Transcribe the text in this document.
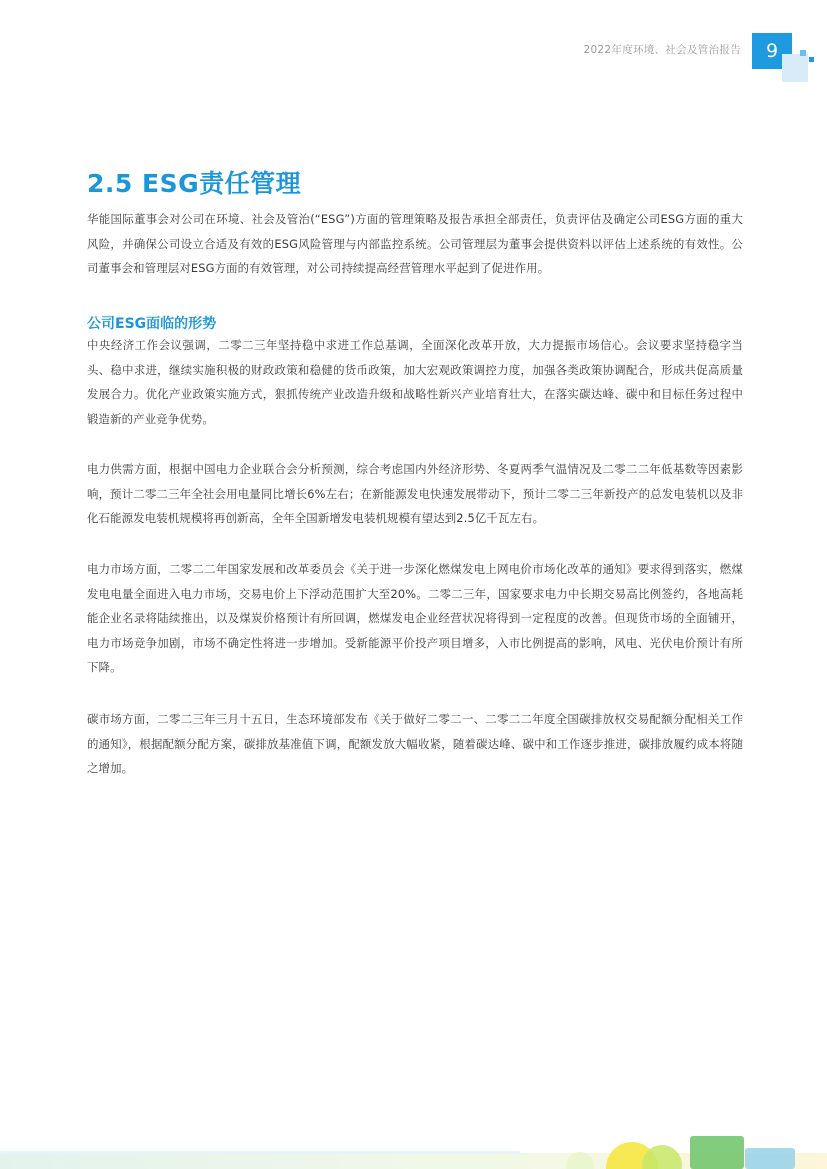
2022年度环境、社会及管治报告 9
2.5 ESG责任管理

华能国际董事会对公司在环境、社会及管治(“ESG”)方面的管理策略及报告承担全部责任，负责评估及确定公司ESG方面的重大风险，并确保公司设立合适及有效的ESG风险管理与内部监控系统。公司管理层为董事会提供资料以评估上述系统的有效性。公司董事会和管理层对ESG方面的有效管理，对公司持续提高经营管理水平起到了促进作用。

公司ESG面临的形势

中央经济工作会议强调，二零二三年坚持稳中求进工作总基调，全面深化改革开放，大力提振市场信心。会议要求坚持稳字当头、稳中求进，继续实施积极的财政政策和稳健的货币政策，加大宏观政策调控力度，加强各类政策协调配合，形成共促高质量发展合力。优化产业政策实施方式，狠抓传统产业改造升级和战略性新兴产业培育壮大，在落实碳达峰、碳中和目标任务过程中锻造新的产业竞争优势。

电力供需方面，根据中国电力企业联合会分析预测，综合考虑国内外经济形势、冬夏两季气温情况及二零二二年低基数等因素影响，预计二零二三年全社会用电量同比增长6%左右；在新能源发电快速发展带动下，预计二零二三年新投产的总发电装机以及非化石能源发电装机规模将再创新高，全年全国新增发电装机规模有望达到2.5亿千瓦左右。

电力市场方面，二零二二年国家发展和改革委员会《关于进一步深化燃煤发电上网电价市场化改革的通知》要求得到落实，燃煤发电电量全面进入电力市场，交易电价上下浮动范围扩大至20%。二零二三年，国家要求电力中长期交易高比例签约，各地高耗能企业名录将陆续推出，以及煤炭价格预计有所回调，燃煤发电企业经营状况将得到一定程度的改善。但现货市场的全面铺开，电力市场竞争加剧，市场不确定性将进一步增加。受新能源平价投产项目增多，入市比例提高的影响，风电、光伏电价预计有所下降。

碳市场方面，二零二三年三月十五日，生态环境部发布《关于做好二零二一、二零二二年度全国碳排放权交易配额分配相关工作的通知》，根据配额分配方案，碳排放基准值下调，配额发放大幅收紧，随着碳达峰、碳中和工作逐步推进，碳排放履约成本将随之增加。
